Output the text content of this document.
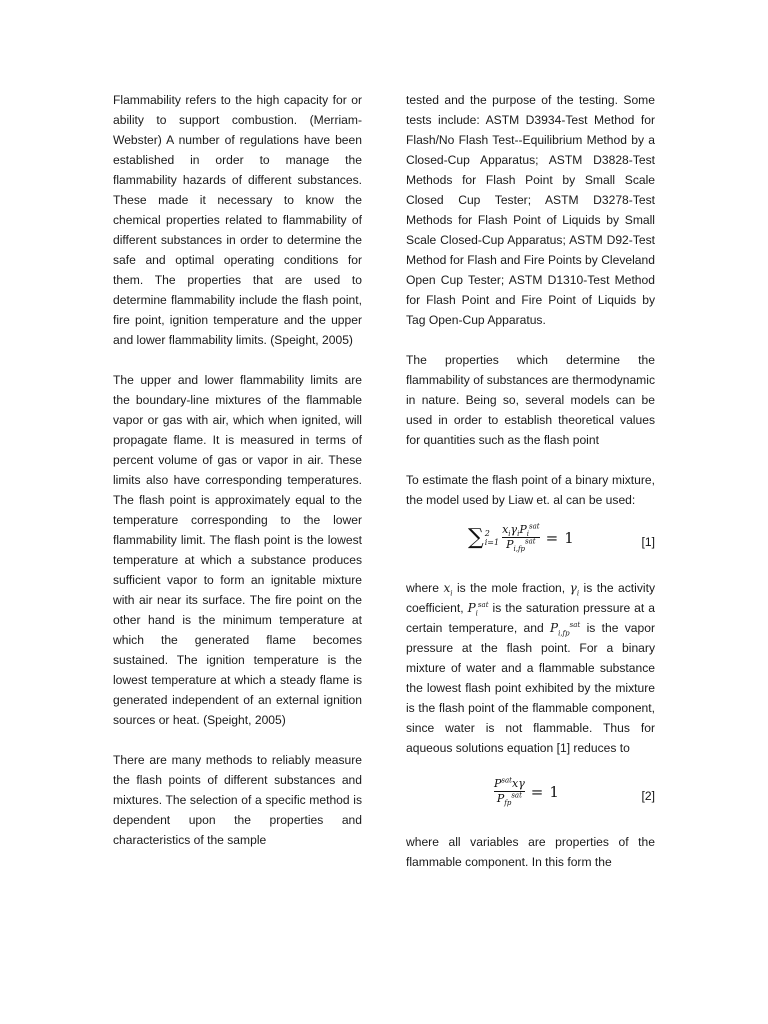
Flammability refers to the high capacity for or ability to support combustion. (Merriam-Webster) A number of regulations have been established in order to manage the flammability hazards of different substances. These made it necessary to know the chemical properties related to flammability of different substances in order to determine the safe and optimal operating conditions for them. The properties that are used to determine flammability include the flash point, fire point, ignition temperature and the upper and lower flammability limits. (Speight, 2005)

The upper and lower flammability limits are the boundary-line mixtures of the flammable vapor or gas with air, which when ignited, will propagate flame. It is measured in terms of percent volume of gas or vapor in air. These limits also have corresponding temperatures. The flash point is approximately equal to the temperature corresponding to the lower flammability limit. The flash point is the lowest temperature at which a substance produces sufficient vapor to form an ignitable mixture with air near its surface. The fire point on the other hand is the minimum temperature at which the generated flame becomes sustained. The ignition temperature is the lowest temperature at which a steady flame is generated independent of an external ignition sources or heat. (Speight, 2005)

There are many methods to reliably measure the flash points of different substances and mixtures. The selection of a specific method is dependent upon the properties and characteristics of the sample

tested and the purpose of the testing. Some tests include: ASTM D3934-Test Method for Flash/No Flash Test--Equilibrium Method by a Closed-Cup Apparatus; ASTM D3828-Test Methods for Flash Point by Small Scale Closed Cup Tester; ASTM D3278-Test Methods for Flash Point of Liquids by Small Scale Closed-Cup Apparatus; ASTM D92-Test Method for Flash and Fire Points by Cleveland Open Cup Tester; ASTM D1310-Test Method for Flash Point and Fire Point of Liquids by Tag Open-Cup Apparatus.

The properties which determine the flammability of substances are thermodynamic in nature. Being so, several models can be used in order to establish theoretical values for quantities such as the flash point

To estimate the flash point of a binary mixture, the model used by Liaw et. al can be used:

∑ 2
$i=1 \frac{x_i\gamma_iP_i^{sat}}{P_{i,fp}^{sat}} = 1$	[1]

where $x_i$ is the mole fraction, $\gamma_i$ is the activity coefficient, $P_i^{sat}$ is the saturation pressure at a certain temperature, and $P_{i,fp}^{sat}$ is the vapor pressure at the flash point. For a binary mixture of water and a flammable substance the lowest flash point exhibited by the mixture is the flash point of the flammable component, since water is not flammable. Thus for aqueous solutions equation [1] reduces to

$\frac{P^{sat}x\gamma}{P_{fp}^{sat}} = 1$	[2]

where all variables are properties of the flammable component. In this form the
